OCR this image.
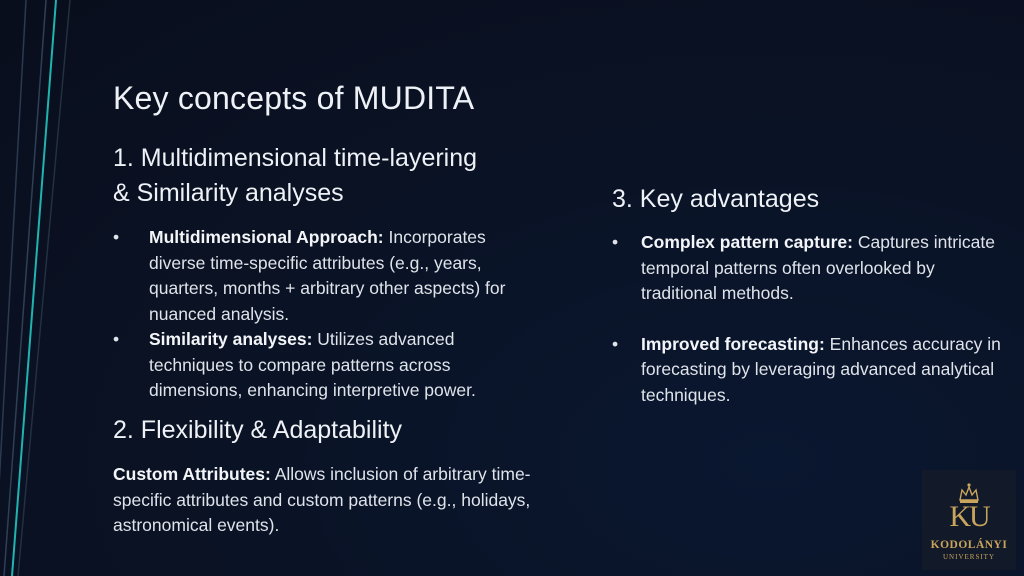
Key concepts of MUDITA
1. Multidimensional time-layering
& Similarity analyses
• Multidimensional Approach: Incorporates diverse time-specific attributes (e.g., years, quarters, months + arbitrary other aspects) for nuanced analysis.
• Similarity analyses: Utilizes advanced techniques to compare patterns across dimensions, enhancing interpretive power.
2. Flexibility & Adaptability
Custom Attributes: Allows inclusion of arbitrary time-specific attributes and custom patterns (e.g., holidays, astronomical events).
3. Key advantages
• Complex pattern capture: Captures intricate temporal patterns often overlooked by traditional methods.
• Improved forecasting: Enhances accuracy in forecasting by leveraging advanced analytical techniques.
KU
KODOLÁNYI
UNIVERSITY
